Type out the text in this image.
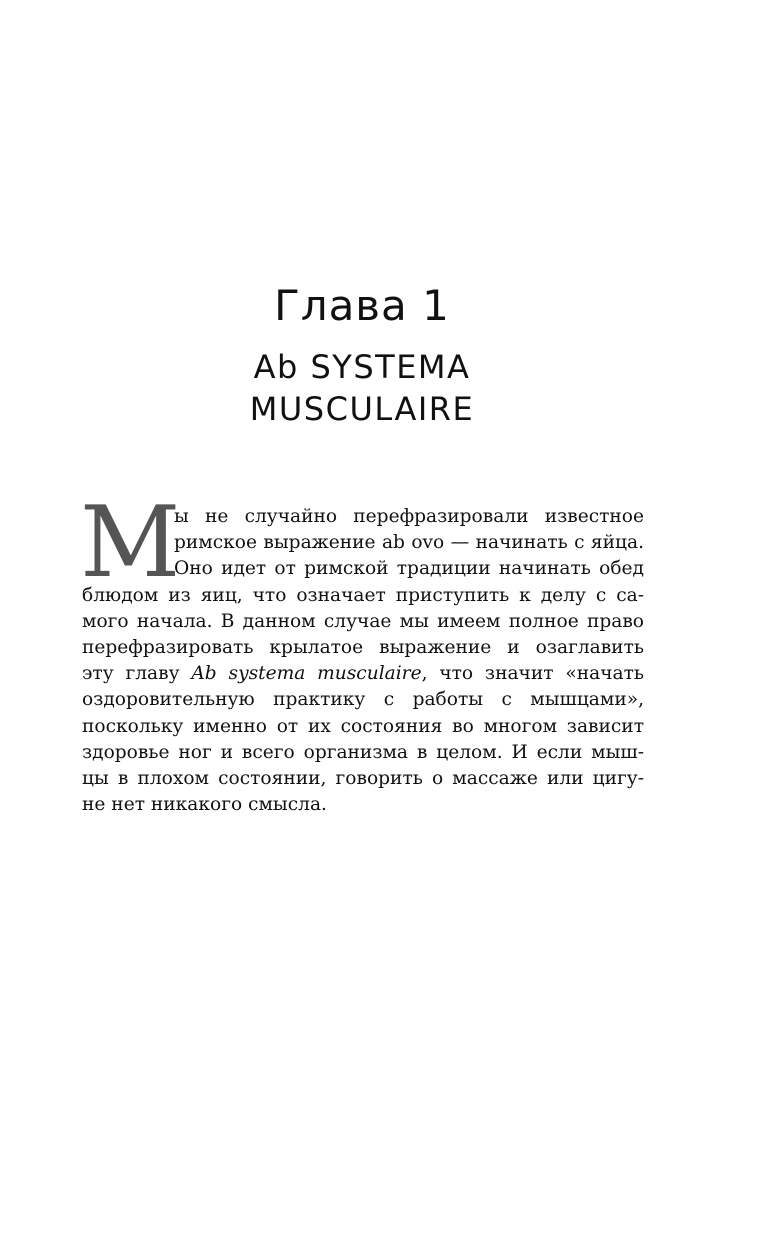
Глава 1
Ab SYSTEMA
MUSCULAIRE
М
ы не случайно перефразировали известное
римское выражение ab ovo — начинать с яйца.
Оно идет от римской традиции начинать обед
блюдом из яиц, что означает приступить к делу с са-
мого начала. В данном случае мы имеем полное право
перефразировать крылатое выражение и озаглавить
эту главу Ab systema musculaire, что значит «начать
оздоровительную практику с работы с мышцами»,
поскольку именно от их состояния во многом зависит
здоровье ног и всего организма в целом. И если мыш-
цы в плохом состоянии, говорить о массаже или цигу-
не нет никакого смысла.
